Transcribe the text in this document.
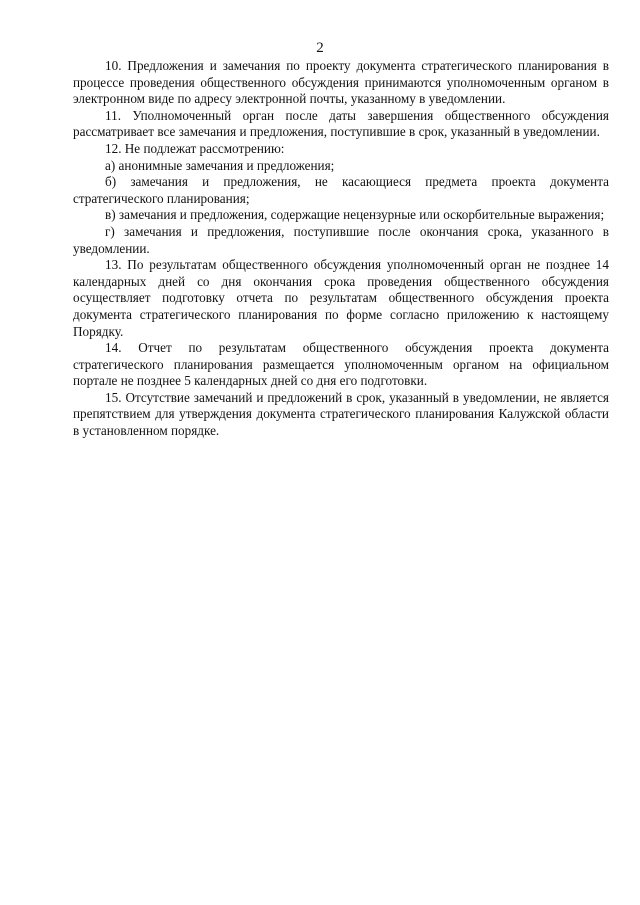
2

10. Предложения и замечания по проекту документа стратегического планирования в процессе проведения общественного обсуждения принимаются уполномоченным органом в электронном виде по адресу электронной почты, указанному в уведомлении.

11. Уполномоченный орган после даты завершения общественного обсуждения рассматривает все замечания и предложения, поступившие в срок, указанный в уведомлении.

12. Не подлежат рассмотрению:

а) анонимные замечания и предложения;

б) замечания и предложения, не касающиеся предмета проекта документа стратегического планирования;

в) замечания и предложения, содержащие нецензурные или оскорбительные выражения;

г) замечания и предложения, поступившие после окончания срока, указанного в уведомлении.

13. По результатам общественного обсуждения уполномоченный орган не позднее 14 календарных дней со дня окончания срока проведения общественного обсуждения осуществляет подготовку отчета по результатам общественного обсуждения проекта документа стратегического планирования по форме согласно приложению к настоящему Порядку.

14. Отчет по результатам общественного обсуждения проекта документа стратегического планирования размещается уполномоченным органом на официальном портале не позднее 5 календарных дней со дня его подготовки.

15. Отсутствие замечаний и предложений в срок, указанный в уведомлении, не является препятствием для утверждения документа стратегического планирования Калужской области в установленном порядке.
